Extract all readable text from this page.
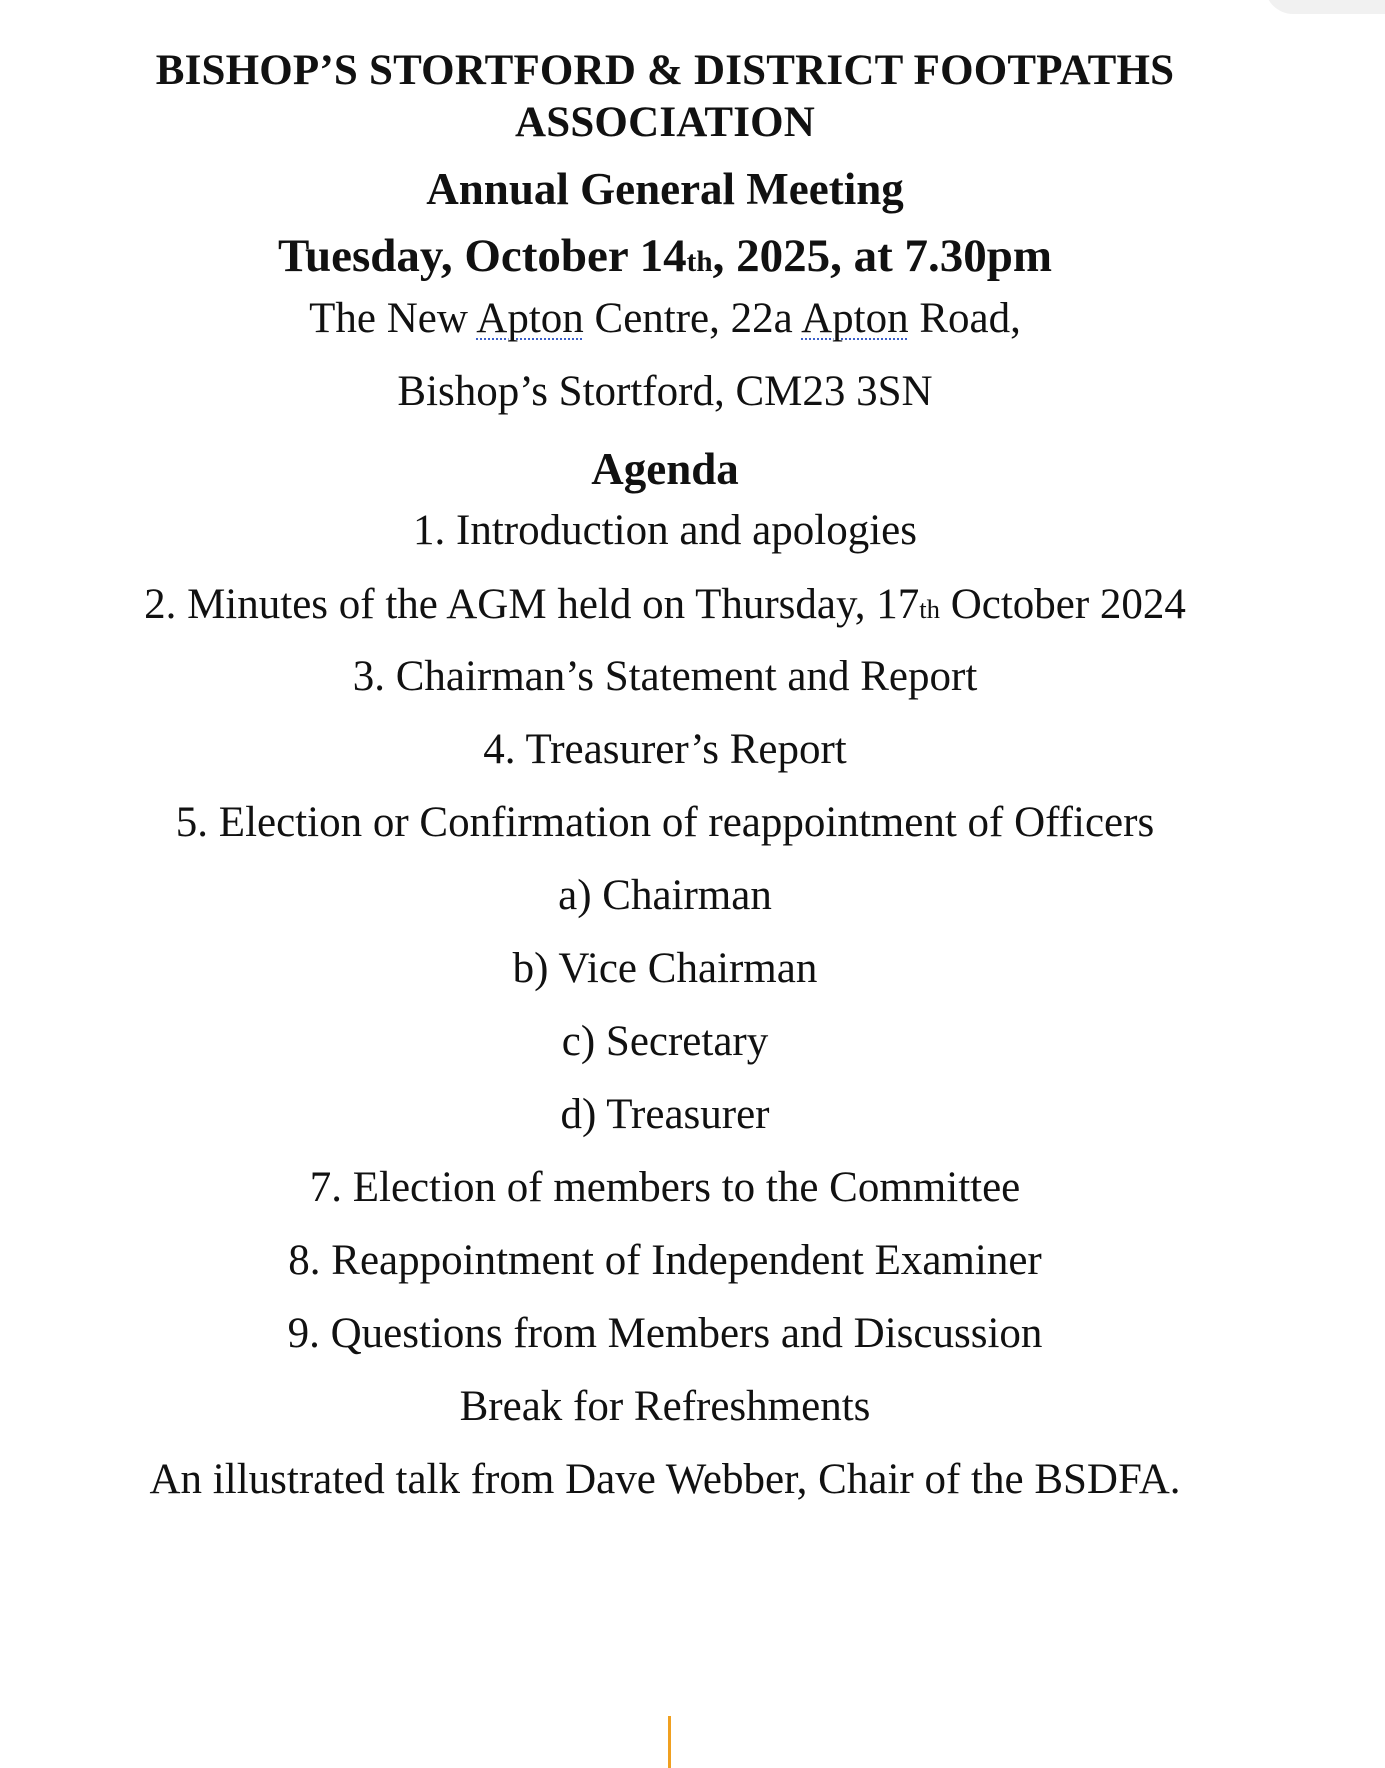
BISHOP’S STORTFORD & DISTRICT FOOTPATHS
ASSOCIATION
Annual General Meeting
Tuesday, October 14th, 2025, at 7.30pm
The New Apton Centre, 22a Apton Road,
Bishop’s Stortford, CM23 3SN
Agenda
1. Introduction and apologies
2. Minutes of the AGM held on Thursday, 17th October 2024
3. Chairman’s Statement and Report
4. Treasurer’s Report
5. Election or Confirmation of reappointment of Officers
a) Chairman
b) Vice Chairman
c) Secretary
d) Treasurer
7. Election of members to the Committee
8. Reappointment of Independent Examiner
9. Questions from Members and Discussion
Break for Refreshments
An illustrated talk from Dave Webber, Chair of the BSDFA.
